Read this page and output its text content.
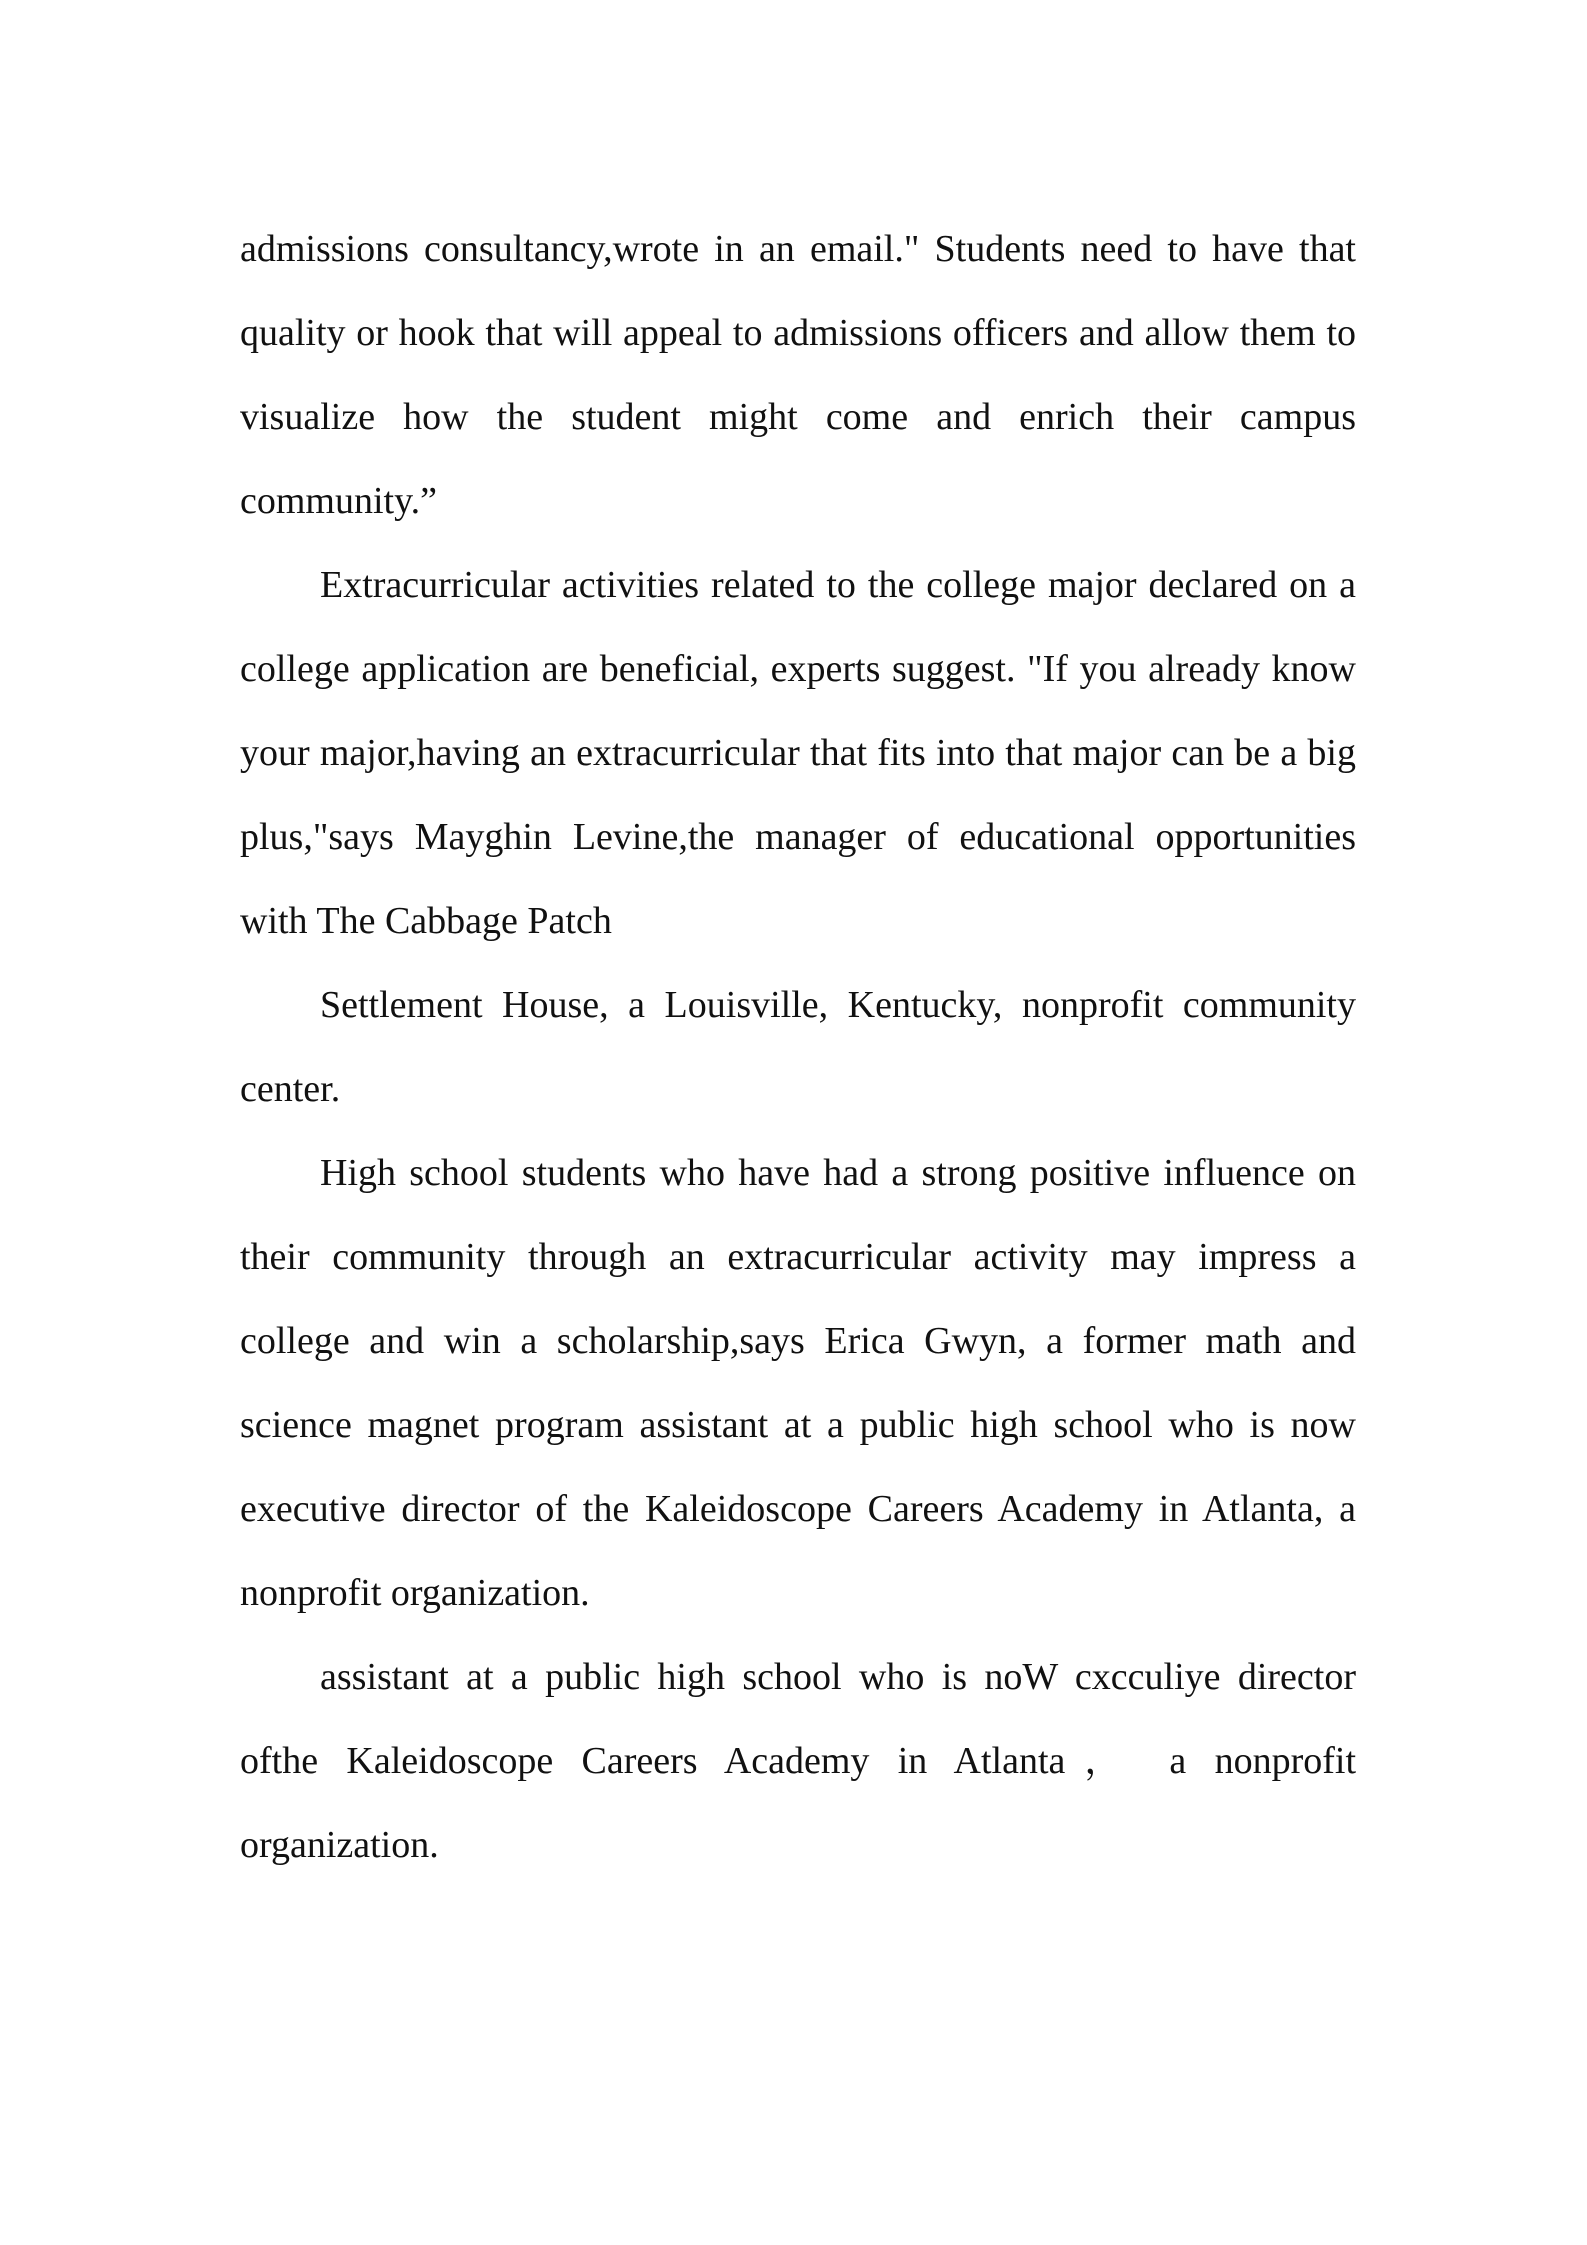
admissions consultancy,wrote in an email." Students need to have that quality or hook that will appeal to admissions officers and allow them to visualize how the student might come and enrich their campus community.”

Extracurricular activities related to the college major declared on a college application are beneficial, experts suggest. "If you already know your major,having an extracurricular that fits into that major can be a big plus,"says Mayghin Levine,the manager of educational opportunities with The Cabbage Patch

Settlement House, a Louisville, Kentucky, nonprofit community center.

High school students who have had a strong positive influence on their community through an extracurricular activity may impress a college and win a scholarship,says Erica Gwyn, a former math and science magnet program assistant at a public high school who is now executive director of the Kaleidoscope Careers Academy in Atlanta, a nonprofit organization.

assistant at a public high school who is noW cxcculiye director ofthe Kaleidoscope Careers Academy in Atlanta， a nonprofit organization.
